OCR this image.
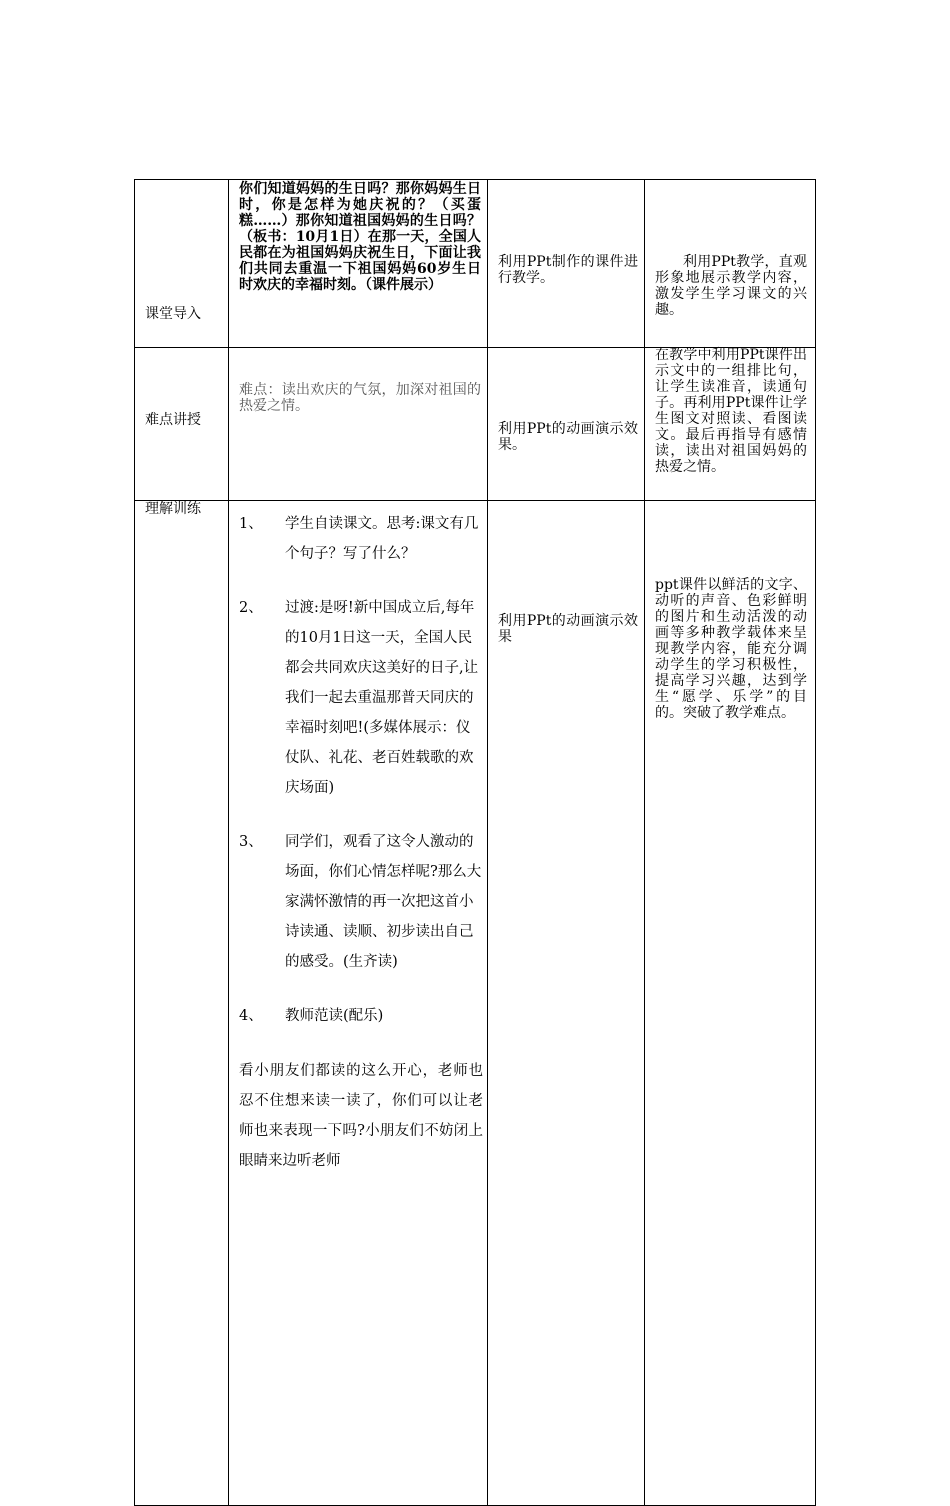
课堂导入
你们知道妈妈的生日吗？那你妈妈生日时，你是怎样为她庆祝的？（买蛋糕……）那你知道祖国妈妈的生日吗？（板书：10月1日）在那一天，全国人民都在为祖国妈妈庆祝生日，下面让我们共同去重温一下祖国妈妈60岁生日时欢庆的幸福时刻。（课件展示）
利用PPt制作的课件进行教学。
利用PPt教学，直观形象地展示教学内容，激发学生学习课文的兴趣。
难点讲授
难点：读出欢庆的气氛，加深对祖国的热爱之情。
利用PPt的动画演示效果。
在教学中利用PPt课件出示文中的一组排比句，让学生读准音，读通句子。再利用PPt课件让学生图文对照读、看图读文。最后再指导有感情读，读出对祖国妈妈的热爱之情。
理解训练
1、 学生自读课文。思考:课文有几个句子？写了什么？
2、 过渡:是呀!新中国成立后,每年的10月1日这一天，全国人民都会共同欢庆这美好的日子,让我们一起去重温那普天同庆的幸福时刻吧!(多媒体展示：仪仗队、礼花、老百姓载歌的欢庆场面)
3、 同学们，观看了这令人激动的场面，你们心情怎样呢?那么大家满怀激情的再一次把这首小诗读通、读顺、初步读出自己的感受。(生齐读)
4、 教师范读(配乐)
看小朋友们都读的这么开心，老师也忍不住想来读一读了，你们可以让老师也来表现一下吗?小朋友们不妨闭上眼睛来边听老师
利用PPt的动画演示效果
ppt课件以鲜活的文字、动听的声音、色彩鲜明的图片和生动活泼的动画等多种教学载体来呈现教学内容，能充分调动学生的学习积极性，提高学习兴趣，达到学生“愿学、乐学”的目的。突破了教学难点。
